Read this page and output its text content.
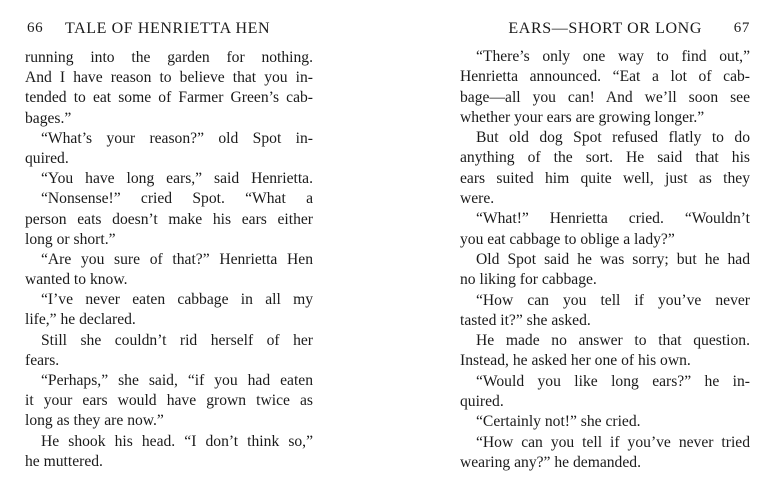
66 TALE OF HENRIETTA HEN
running into the garden for nothing.
And I have reason to believe that you in-
tended to eat some of Farmer Green’s cab-
bages.”
“What’s your reason?” old Spot in-
quired.
“You have long ears,” said Henrietta.
“Nonsense!” cried Spot. “What a
person eats doesn’t make his ears either
long or short.”
“Are you sure of that?” Henrietta Hen
wanted to know.
“I’ve never eaten cabbage in all my
life,” he declared.
Still she couldn’t rid herself of her
fears.
“Perhaps,” she said, “if you had eaten
it your ears would have grown twice as
long as they are now.”
He shook his head. “I don’t think so,”
he muttered.
EARS—SHORT OR LONG 67
“There’s only one way to find out,”
Henrietta announced. “Eat a lot of cab-
bage—all you can! And we’ll soon see
whether your ears are growing longer.”
But old dog Spot refused flatly to do
anything of the sort. He said that his
ears suited him quite well, just as they
were.
“What!” Henrietta cried. “Wouldn’t
you eat cabbage to oblige a lady?”
Old Spot said he was sorry; but he had
no liking for cabbage.
“How can you tell if you’ve never
tasted it?” she asked.
He made no answer to that question.
Instead, he asked her one of his own.
“Would you like long ears?” he in-
quired.
“Certainly not!” she cried.
“How can you tell if you’ve never tried
wearing any?” he demanded.
